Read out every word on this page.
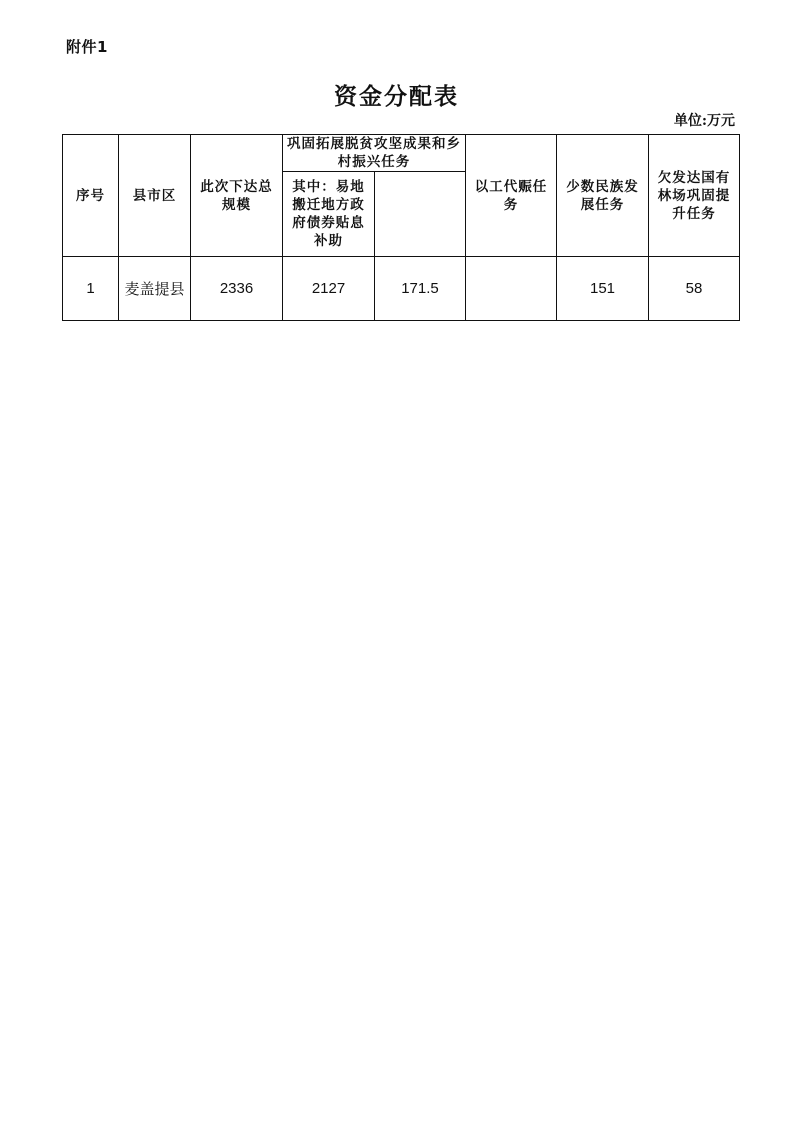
附件1
资金分配表
单位:万元
序号	县市区	此次下达总规模	巩固拓展脱贫攻坚成果和乡村振兴任务		以工代赈任务	少数民族发展任务	欠发达国有林场巩固提升任务
			其中：易地搬迁地方政府债券贴息补助				
1	麦盖提县	2336	2127	171.5		151	58
